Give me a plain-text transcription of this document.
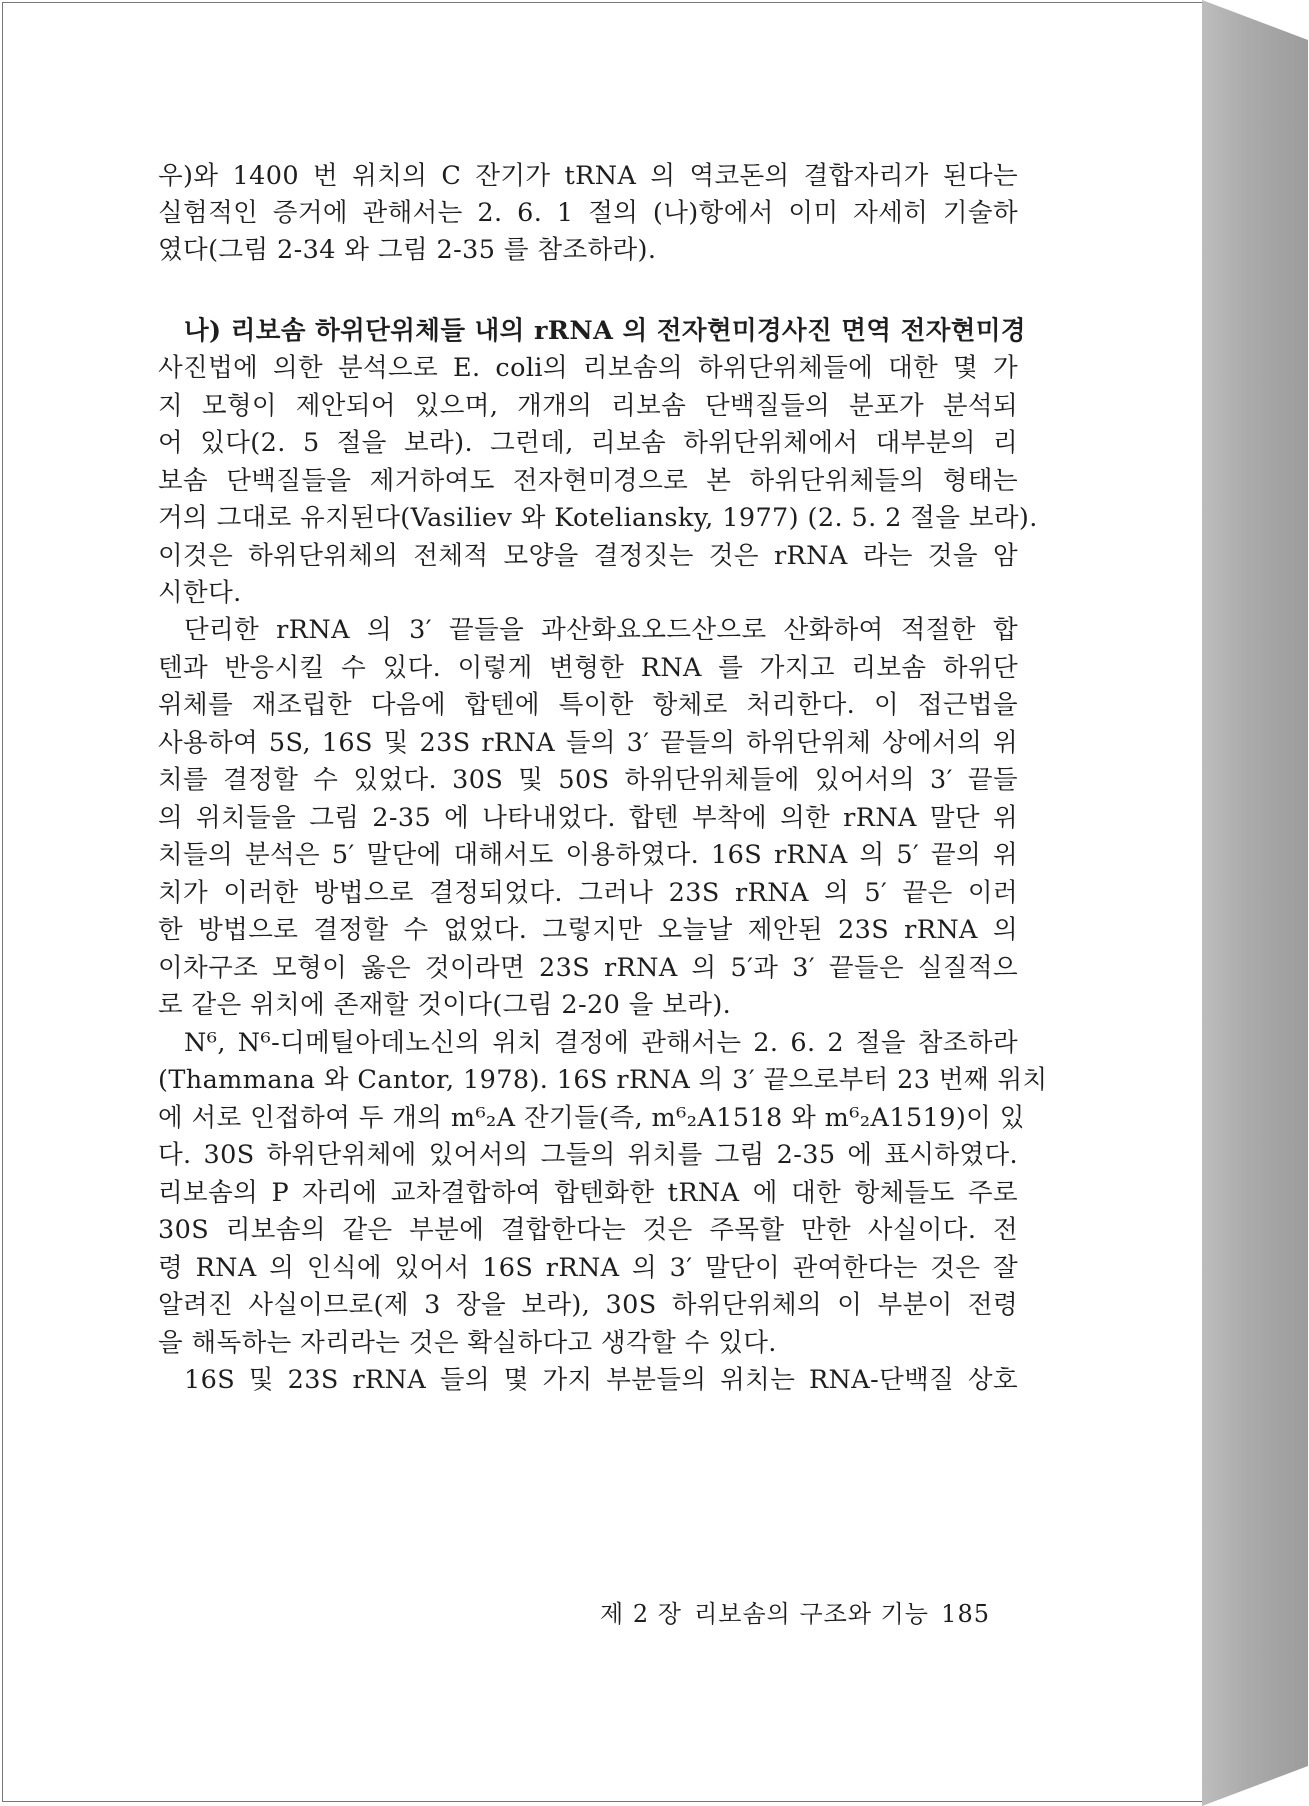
우)와 1400 번 위치의 C 잔기가 tRNA 의 역코돈의 결합자리가 된다는
실험적인 증거에 관해서는 2. 6. 1 절의 (나)항에서 이미 자세히 기술하
였다(그림 2-34 와 그림 2-35 를 참조하라).
나) 리보솜 하위단위체들 내의 rRNA 의 전자현미경사진 면역 전자현미경
사진법에 의한 분석으로 E. coli의 리보솜의 하위단위체들에 대한 몇 가
지 모형이 제안되어 있으며, 개개의 리보솜 단백질들의 분포가 분석되
어 있다(2. 5 절을 보라). 그런데, 리보솜 하위단위체에서 대부분의 리
보솜 단백질들을 제거하여도 전자현미경으로 본 하위단위체들의 형태는
거의 그대로 유지된다(Vasiliev 와 Koteliansky, 1977) (2. 5. 2 절을 보라).
이것은 하위단위체의 전체적 모양을 결정짓는 것은 rRNA 라는 것을 암
시한다.
단리한 rRNA 의 3′ 끝들을 과산화요오드산으로 산화하여 적절한 합
텐과 반응시킬 수 있다. 이렇게 변형한 RNA 를 가지고 리보솜 하위단
위체를 재조립한 다음에 합텐에 특이한 항체로 처리한다. 이 접근법을
사용하여 5S, 16S 및 23S rRNA 들의 3′ 끝들의 하위단위체 상에서의 위
치를 결정할 수 있었다. 30S 및 50S 하위단위체들에 있어서의 3′ 끝들
의 위치들을 그림 2-35 에 나타내었다. 합텐 부착에 의한 rRNA 말단 위
치들의 분석은 5′ 말단에 대해서도 이용하였다. 16S rRNA 의 5′ 끝의 위
치가 이러한 방법으로 결정되었다. 그러나 23S rRNA 의 5′ 끝은 이러
한 방법으로 결정할 수 없었다. 그렇지만 오늘날 제안된 23S rRNA 의
이차구조 모형이 옳은 것이라면 23S rRNA 의 5′과 3′ 끝들은 실질적으
로 같은 위치에 존재할 것이다(그림 2-20 을 보라).
N⁶, N⁶-디메틸아데노신의 위치 결정에 관해서는 2. 6. 2 절을 참조하라
(Thammana 와 Cantor, 1978). 16S rRNA 의 3′ 끝으로부터 23 번째 위치
에 서로 인접하여 두 개의 m⁶₂A 잔기들(즉, m⁶₂A1518 와 m⁶₂A1519)이 있
다. 30S 하위단위체에 있어서의 그들의 위치를 그림 2-35 에 표시하였다.
리보솜의 P 자리에 교차결합하여 합텐화한 tRNA 에 대한 항체들도 주로
30S 리보솜의 같은 부분에 결합한다는 것은 주목할 만한 사실이다. 전
령 RNA 의 인식에 있어서 16S rRNA 의 3′ 말단이 관여한다는 것은 잘
알려진 사실이므로(제 3 장을 보라), 30S 하위단위체의 이 부분이 전령
을 해독하는 자리라는 것은 확실하다고 생각할 수 있다.
16S 및 23S rRNA 들의 몇 가지 부분들의 위치는 RNA-단백질 상호
제 2 장 리보솜의 구조와 기능 185
